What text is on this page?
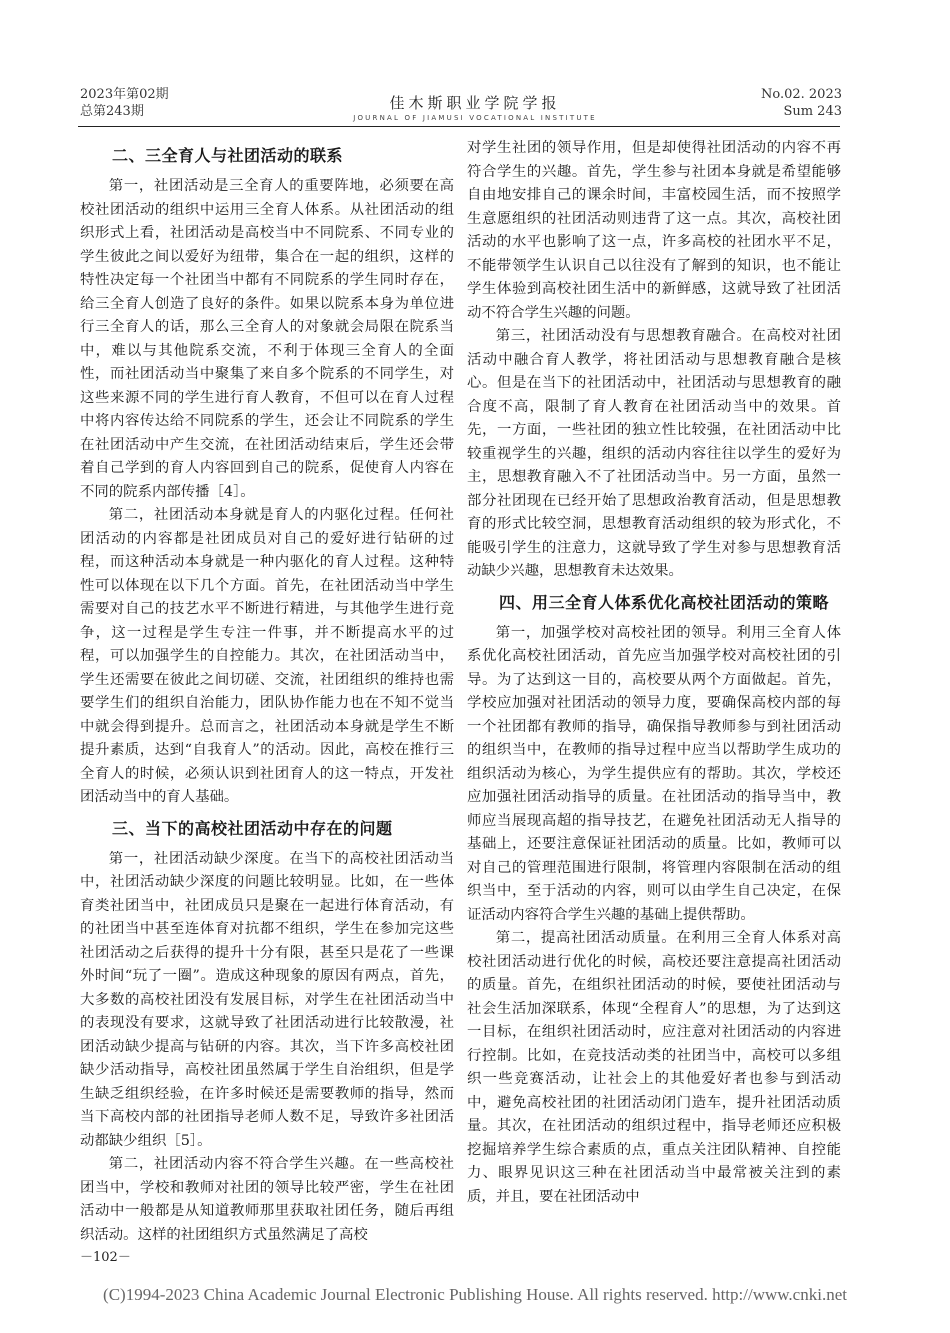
2023年第02期
总第243期	佳木斯职业学院学报
JOURNAL OF JIAMUSI VOCATIONAL INSTITUTE
No.02. 2023
Sum 243
二、三全育人与社团活动的联系

第一，社团活动是三全育人的重要阵地，必须要在高校社团活动的组织中运用三全育人体系。从社团活动的组织形式上看，社团活动是高校当中不同院系、不同专业的学生彼此之间以爱好为纽带，集合在一起的组织，这样的特性决定每一个社团当中都有不同院系的学生同时存在，给三全育人创造了良好的条件。如果以院系本身为单位进行三全育人的话，那么三全育人的对象就会局限在院系当中，难以与其他院系交流，不利于体现三全育人的全面性，而社团活动当中聚集了来自多个院系的不同学生，对这些来源不同的学生进行育人教育，不但可以在育人过程中将内容传达给不同院系的学生，还会让不同院系的学生在社团活动中产生交流，在社团活动结束后，学生还会带着自己学到的育人内容回到自己的院系，促使育人内容在不同的院系内部传播［4］。

第二，社团活动本身就是育人的内驱化过程。任何社团活动的内容都是社团成员对自己的爱好进行钻研的过程，而这种活动本身就是一种内驱化的育人过程。这种特性可以体现在以下几个方面。首先，在社团活动当中学生需要对自己的技艺水平不断进行精进，与其他学生进行竞争，这一过程是学生专注一件事，并不断提高水平的过程，可以加强学生的自控能力。其次，在社团活动当中，学生还需要在彼此之间切磋、交流，社团组织的维持也需要学生们的组织自治能力，团队协作能力也在不知不觉当中就会得到提升。总而言之，社团活动本身就是学生不断提升素质，达到“自我育人”的活动。因此，高校在推行三全育人的时候，必须认识到社团育人的这一特点，开发社团活动当中的育人基础。

三、当下的高校社团活动中存在的问题

第一，社团活动缺少深度。在当下的高校社团活动当中，社团活动缺少深度的问题比较明显。比如，在一些体育类社团当中，社团成员只是聚在一起进行体育活动，有的社团当中甚至连体育对抗都不组织，学生在参加完这些社团活动之后获得的提升十分有限，甚至只是花了一些课外时间“玩了一圈”。造成这种现象的原因有两点，首先，大多数的高校社团没有发展目标，对学生在社团活动当中的表现没有要求，这就导致了社团活动进行比较散漫，社团活动缺少提高与钻研的内容。其次，当下许多高校社团缺少活动指导，高校社团虽然属于学生自治组织，但是学生缺乏组织经验，在许多时候还是需要教师的指导，然而当下高校内部的社团指导老师人数不足，导致许多社团活动都缺少组织［5］。

第二，社团活动内容不符合学生兴趣。在一些高校社团当中，学校和教师对社团的领导比较严密，学生在社团活动中一般都是从知道教师那里获取社团任务，随后再组织活动。这样的社团组织方式虽然满足了高校

对学生社团的领导作用，但是却使得社团活动的内容不再符合学生的兴趣。首先，学生参与社团本身就是希望能够自由地安排自己的课余时间，丰富校园生活，而不按照学生意愿组织的社团活动则违背了这一点。其次，高校社团活动的水平也影响了这一点，许多高校的社团水平不足，不能带领学生认识自己以往没有了解到的知识，也不能让学生体验到高校社团生活中的新鲜感，这就导致了社团活动不符合学生兴趣的问题。

第三，社团活动没有与思想教育融合。在高校对社团活动中融合育人教学，将社团活动与思想教育融合是核心。但是在当下的社团活动中，社团活动与思想教育的融合度不高，限制了育人教育在社团活动当中的效果。首先，一方面，一些社团的独立性比较强，在社团活动中比较重视学生的兴趣，组织的活动内容往往以学生的爱好为主，思想教育融入不了社团活动当中。另一方面，虽然一部分社团现在已经开始了思想政治教育活动，但是思想教育的形式比较空洞，思想教育活动组织的较为形式化，不能吸引学生的注意力，这就导致了学生对参与思想教育活动缺少兴趣，思想教育未达效果。

四、用三全育人体系优化高校社团活动的策略

第一，加强学校对高校社团的领导。利用三全育人体系优化高校社团活动，首先应当加强学校对高校社团的引导。为了达到这一目的，高校要从两个方面做起。首先，学校应加强对社团活动的领导力度，要确保高校内部的每一个社团都有教师的指导，确保指导教师参与到社团活动的组织当中，在教师的指导过程中应当以帮助学生成功的组织活动为核心，为学生提供应有的帮助。其次，学校还应加强社团活动指导的质量。在社团活动的指导当中，教师应当展现高超的指导技艺，在避免社团活动无人指导的基础上，还要注意保证社团活动的质量。比如，教师可以对自己的管理范围进行限制，将管理内容限制在活动的组织当中，至于活动的内容，则可以由学生自己决定，在保证活动内容符合学生兴趣的基础上提供帮助。

第二，提高社团活动质量。在利用三全育人体系对高校社团活动进行优化的时候，高校还要注意提高社团活动的质量。首先，在组织社团活动的时候，要使社团活动与社会生活加深联系，体现“全程育人”的思想，为了达到这一目标，在组织社团活动时，应注意对社团活动的内容进行控制。比如，在竞技活动类的社团当中，高校可以多组织一些竞赛活动，让社会上的其他爱好者也参与到活动中，避免高校社团的社团活动闭门造车，提升社团活动质量。其次，在社团活动的组织过程中，指导老师还应积极挖掘培养学生综合素质的点，重点关注团队精神、自控能力、眼界见识这三种在社团活动当中最常被关注到的素质，并且，要在社团活动中

－102－
(C)1994-2023 China Academic Journal Electronic Publishing House. All rights reserved. http://www.cnki.net
